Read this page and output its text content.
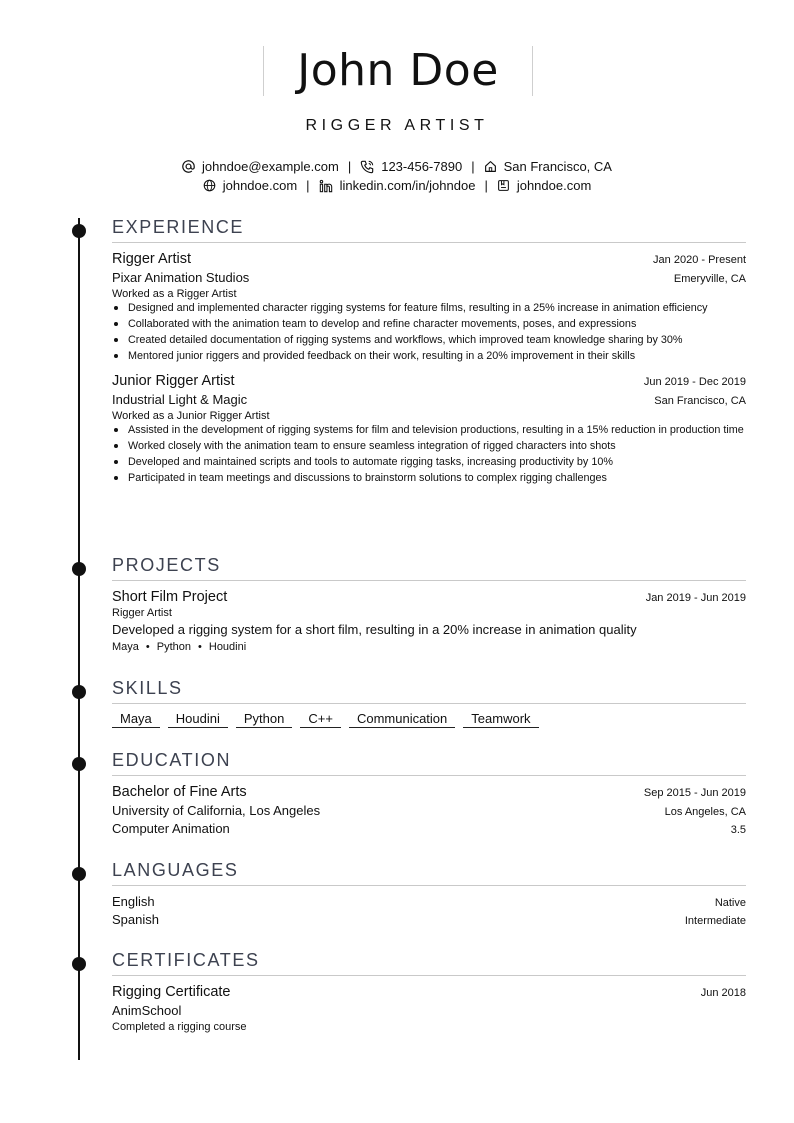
John Doe
RIGGER ARTIST
johndoe@example.com | 123-456-7890 | San Francisco, CA
johndoe.com | linkedin.com/in/johndoe | johndoe.com
EXPERIENCE
Rigger Artist	Jan 2020 - Present
Pixar Animation Studios	Emeryville, CA
Worked as a Rigger Artist
Designed and implemented character rigging systems for feature films, resulting in a 25% increase in animation efficiency
Collaborated with the animation team to develop and refine character movements, poses, and expressions
Created detailed documentation of rigging systems and workflows, which improved team knowledge sharing by 30%
Mentored junior riggers and provided feedback on their work, resulting in a 20% improvement in their skills
Junior Rigger Artist	Jun 2019 - Dec 2019
Industrial Light & Magic	San Francisco, CA
Worked as a Junior Rigger Artist
Assisted in the development of rigging systems for film and television productions, resulting in a 15% reduction in production time
Worked closely with the animation team to ensure seamless integration of rigged characters into shots
Developed and maintained scripts and tools to automate rigging tasks, increasing productivity by 10%
Participated in team meetings and discussions to brainstorm solutions to complex rigging challenges
PROJECTS
Short Film Project	Jan 2019 - Jun 2019
Rigger Artist
Developed a rigging system for a short film, resulting in a 20% increase in animation quality
Maya • Python • Houdini
SKILLS
Maya	Houdini	Python	C++	Communication	Teamwork
EDUCATION
Bachelor of Fine Arts	Sep 2015 - Jun 2019
University of California, Los Angeles	Los Angeles, CA
Computer Animation	3.5
LANGUAGES
English	Native
Spanish	Intermediate
CERTIFICATES
Rigging Certificate	Jun 2018
AnimSchool
Completed a rigging course
